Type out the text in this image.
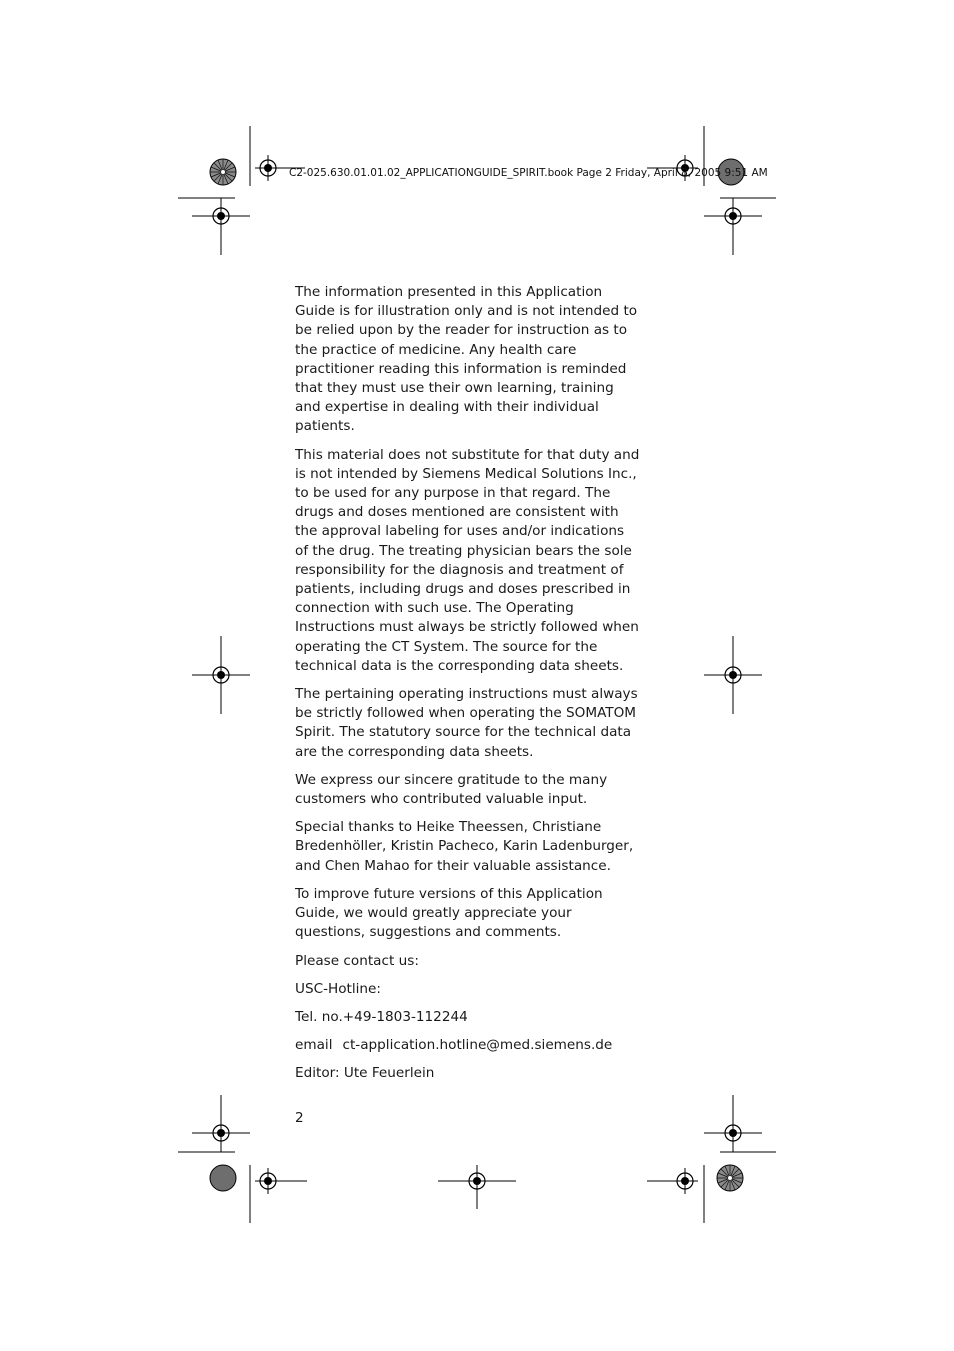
C2-025.630.01.01.02_APPLICATIONGUIDE_SPIRIT.book Page 2 Friday, April 8, 2005 9:51 AM

The information presented in this Application Guide is for illustration only and is not intended to be relied upon by the reader for instruction as to the practice of medicine. Any health care practitioner reading this information is reminded that they must use their own learning, training and expertise in dealing with their individual patients.

This material does not substitute for that duty and is not intended by Siemens Medical Solutions Inc., to be used for any purpose in that regard. The drugs and doses mentioned are consistent with the approval labeling for uses and/or indications of the drug. The treating physician bears the sole responsibility for the diagnosis and treatment of patients, including drugs and doses prescribed in connection with such use. The Operating Instructions must always be strictly followed when operating the CT System. The source for the technical data is the corresponding data sheets.

The pertaining operating instructions must always be strictly followed when operating the SOMATOM Spirit. The statutory source for the technical data are the corresponding data sheets.

We express our sincere gratitude to the many customers who contributed valuable input.

Special thanks to Heike Theessen, Christiane Bredenhöller, Kristin Pacheco, Karin Ladenburger, and Chen Mahao for their valuable assistance.

To improve future versions of this Application Guide, we would greatly appreciate your questions, suggestions and comments.

Please contact us:

USC-Hotline:

Tel. no.+49-1803-112244

email ct-application.hotline@med.siemens.de

Editor: Ute Feuerlein

2
